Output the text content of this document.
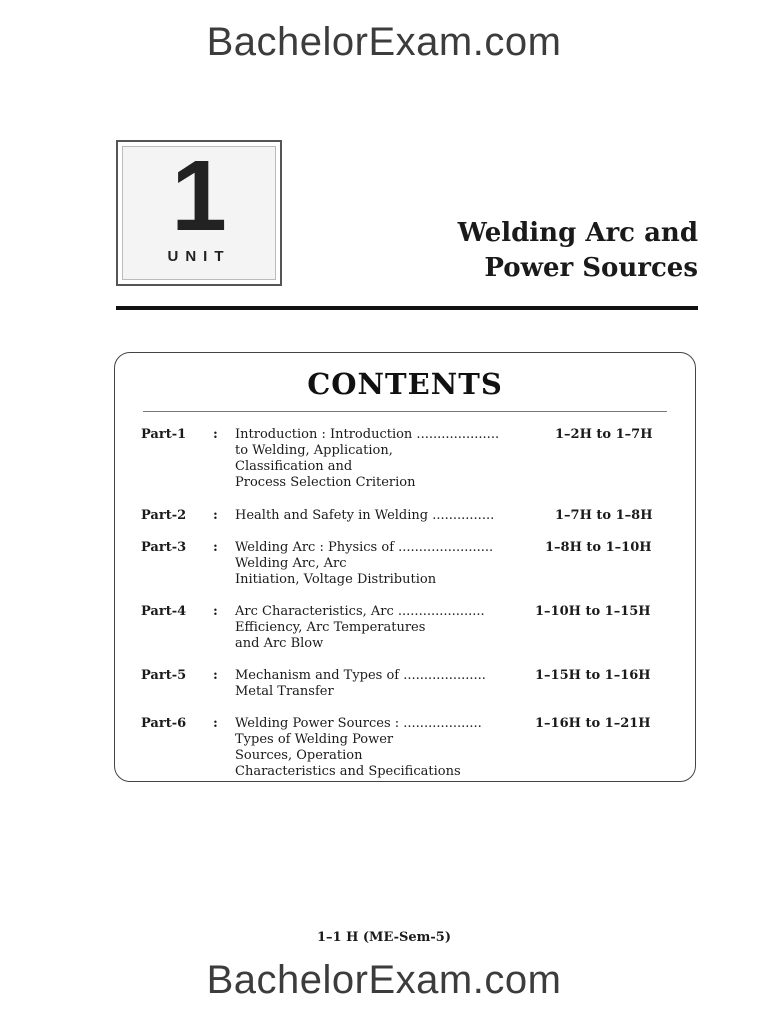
BachelorExam.com
1
UNIT
Welding Arc and
Power Sources
CONTENTS
Part-1 : Introduction : Introduction ....................	1–2H to 1–7H
to Welding, Application,
Classification and
Process Selection Criterion
Part-2 : Health and Safety in Welding ...............	1–7H to 1–8H
Part-3 : Welding Arc : Physics of .......................	1–8H to 1–10H
Welding Arc, Arc
Initiation, Voltage Distribution
Part-4 : Arc Characteristics, Arc .....................	1–10H to 1–15H
Efficiency, Arc Temperatures
and Arc Blow
Part-5 : Mechanism and Types of ....................	1–15H to 1–16H
Metal Transfer
Part-6 : Welding Power Sources : ...................	1–16H to 1–21H
Types of Welding Power
Sources, Operation
Characteristics and Specifications
1–1 H (ME-Sem-5)
BachelorExam.com
